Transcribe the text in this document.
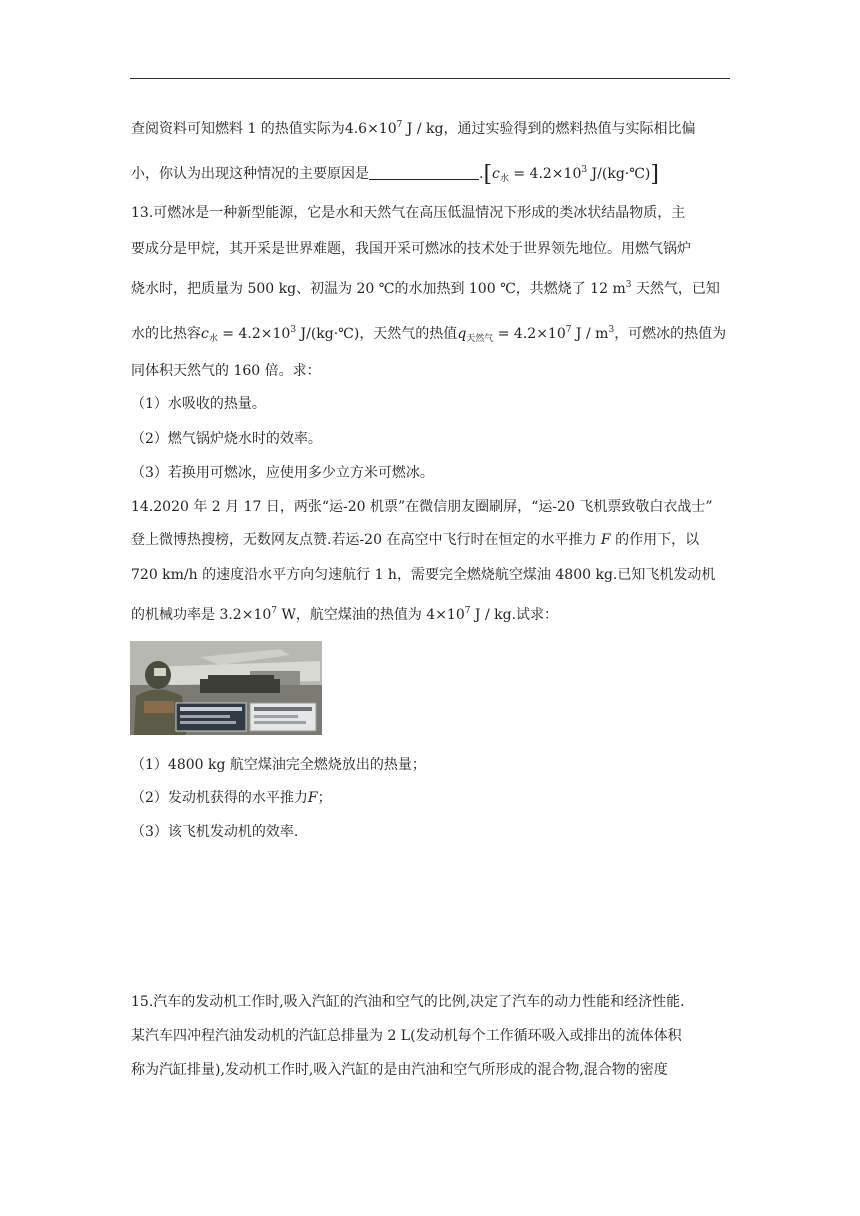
查阅资料可知燃料 1 的热值实际为$4.6\times 10^7$ J / kg，通过实验得到的燃料热值与实际相比偏
小，你认为出现这种情况的主要原因是	$.[c_水 = 4.2\times 10^3$ J/(kg·℃)]
13.可燃冰是一种新型能源，它是水和天然气在高压低温情况下形成的类冰状结晶物质，主
要成分是甲烷，其开采是世界难题，我国开采可燃冰的技术处于世界领先地位。用燃气锅炉
烧水时，把质量为 500 kg、初温为 20 ℃的水加热到 100 ℃，共燃烧了 12 $m^3$ 天然气，已知
水的比热容$c_水 = 4.2\times 10^3$ J/(kg·℃)，天然气的热值$q_{天然气} = 4.2\times 10^7$ J / $m^3$，可燃冰的热值为
同体积天然气的 160 倍。求：
（1）水吸收的热量。
（2）燃气锅炉烧水时的效率。
（3）若换用可燃冰，应使用多少立方米可燃冰。
14.2020 年 2 月 17 日，两张“运-20 机票”在微信朋友圈刷屏，“运-20 飞机票致敬白衣战士”
登上微博热搜榜，无数网友点赞.若运-20 在高空中飞行时在恒定的水平推力 F 的作用下，以
720 km/h 的速度沿水平方向匀速航行 1 h，需要完全燃烧航空煤油 4800 kg.已知飞机发动机
的机械功率是 $3.2\times 10^7$ W，航空煤油的热值为 $4\times 10^7$ J / kg.试求：
（1）4800 kg 航空煤油完全燃烧放出的热量；
（2）发动机获得的水平推力F；
（3）该飞机发动机的效率.
15.汽车的发动机工作时,吸入汽缸的汽油和空气的比例,决定了汽车的动力性能和经济性能.
某汽车四冲程汽油发动机的汽缸总排量为 2 L(发动机每个工作循环吸入或排出的流体体积
称为汽缸排量),发动机工作时,吸入汽缸的是由汽油和空气所形成的混合物,混合物的密度
